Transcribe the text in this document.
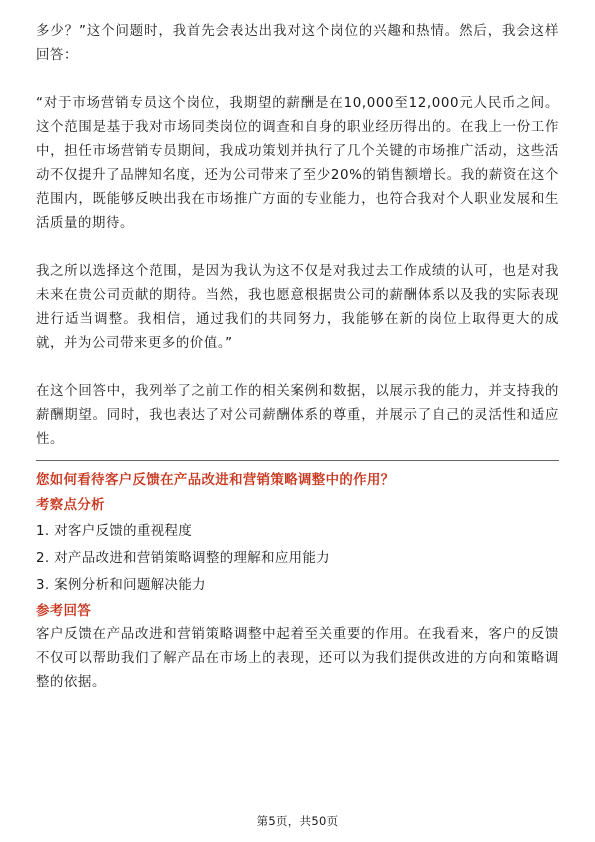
多少？”这个问题时，我首先会表达出我对这个岗位的兴趣和热情。然后，我会这样回答：

“对于市场营销专员这个岗位，我期望的薪酬是在10,000至12,000元人民币之间。这个范围是基于我对市场同类岗位的调查和自身的职业经历得出的。在我上一份工作中，担任市场营销专员期间，我成功策划并执行了几个关键的市场推广活动，这些活动不仅提升了品牌知名度，还为公司带来了至少20%的销售额增长。我的薪资在这个范围内，既能够反映出我在市场推广方面的专业能力，也符合我对个人职业发展和生活质量的期待。

我之所以选择这个范围，是因为我认为这不仅是对我过去工作成绩的认可，也是对我未来在贵公司贡献的期待。当然，我也愿意根据贵公司的薪酬体系以及我的实际表现进行适当调整。我相信，通过我们的共同努力，我能够在新的岗位上取得更大的成就，并为公司带来更多的价值。”

在这个回答中，我列举了之前工作的相关案例和数据，以展示我的能力，并支持我的薪酬期望。同时，我也表达了对公司薪酬体系的尊重，并展示了自己的灵活性和适应性。

您如何看待客户反馈在产品改进和营销策略调整中的作用？

考察点分析

1. 对客户反馈的重视程度

2. 对产品改进和营销策略调整的理解和应用能力

3. 案例分析和问题解决能力

参考回答

客户反馈在产品改进和营销策略调整中起着至关重要的作用。在我看来，客户的反馈不仅可以帮助我们了解产品在市场上的表现，还可以为我们提供改进的方向和策略调整的依据。

第5页，共50页
